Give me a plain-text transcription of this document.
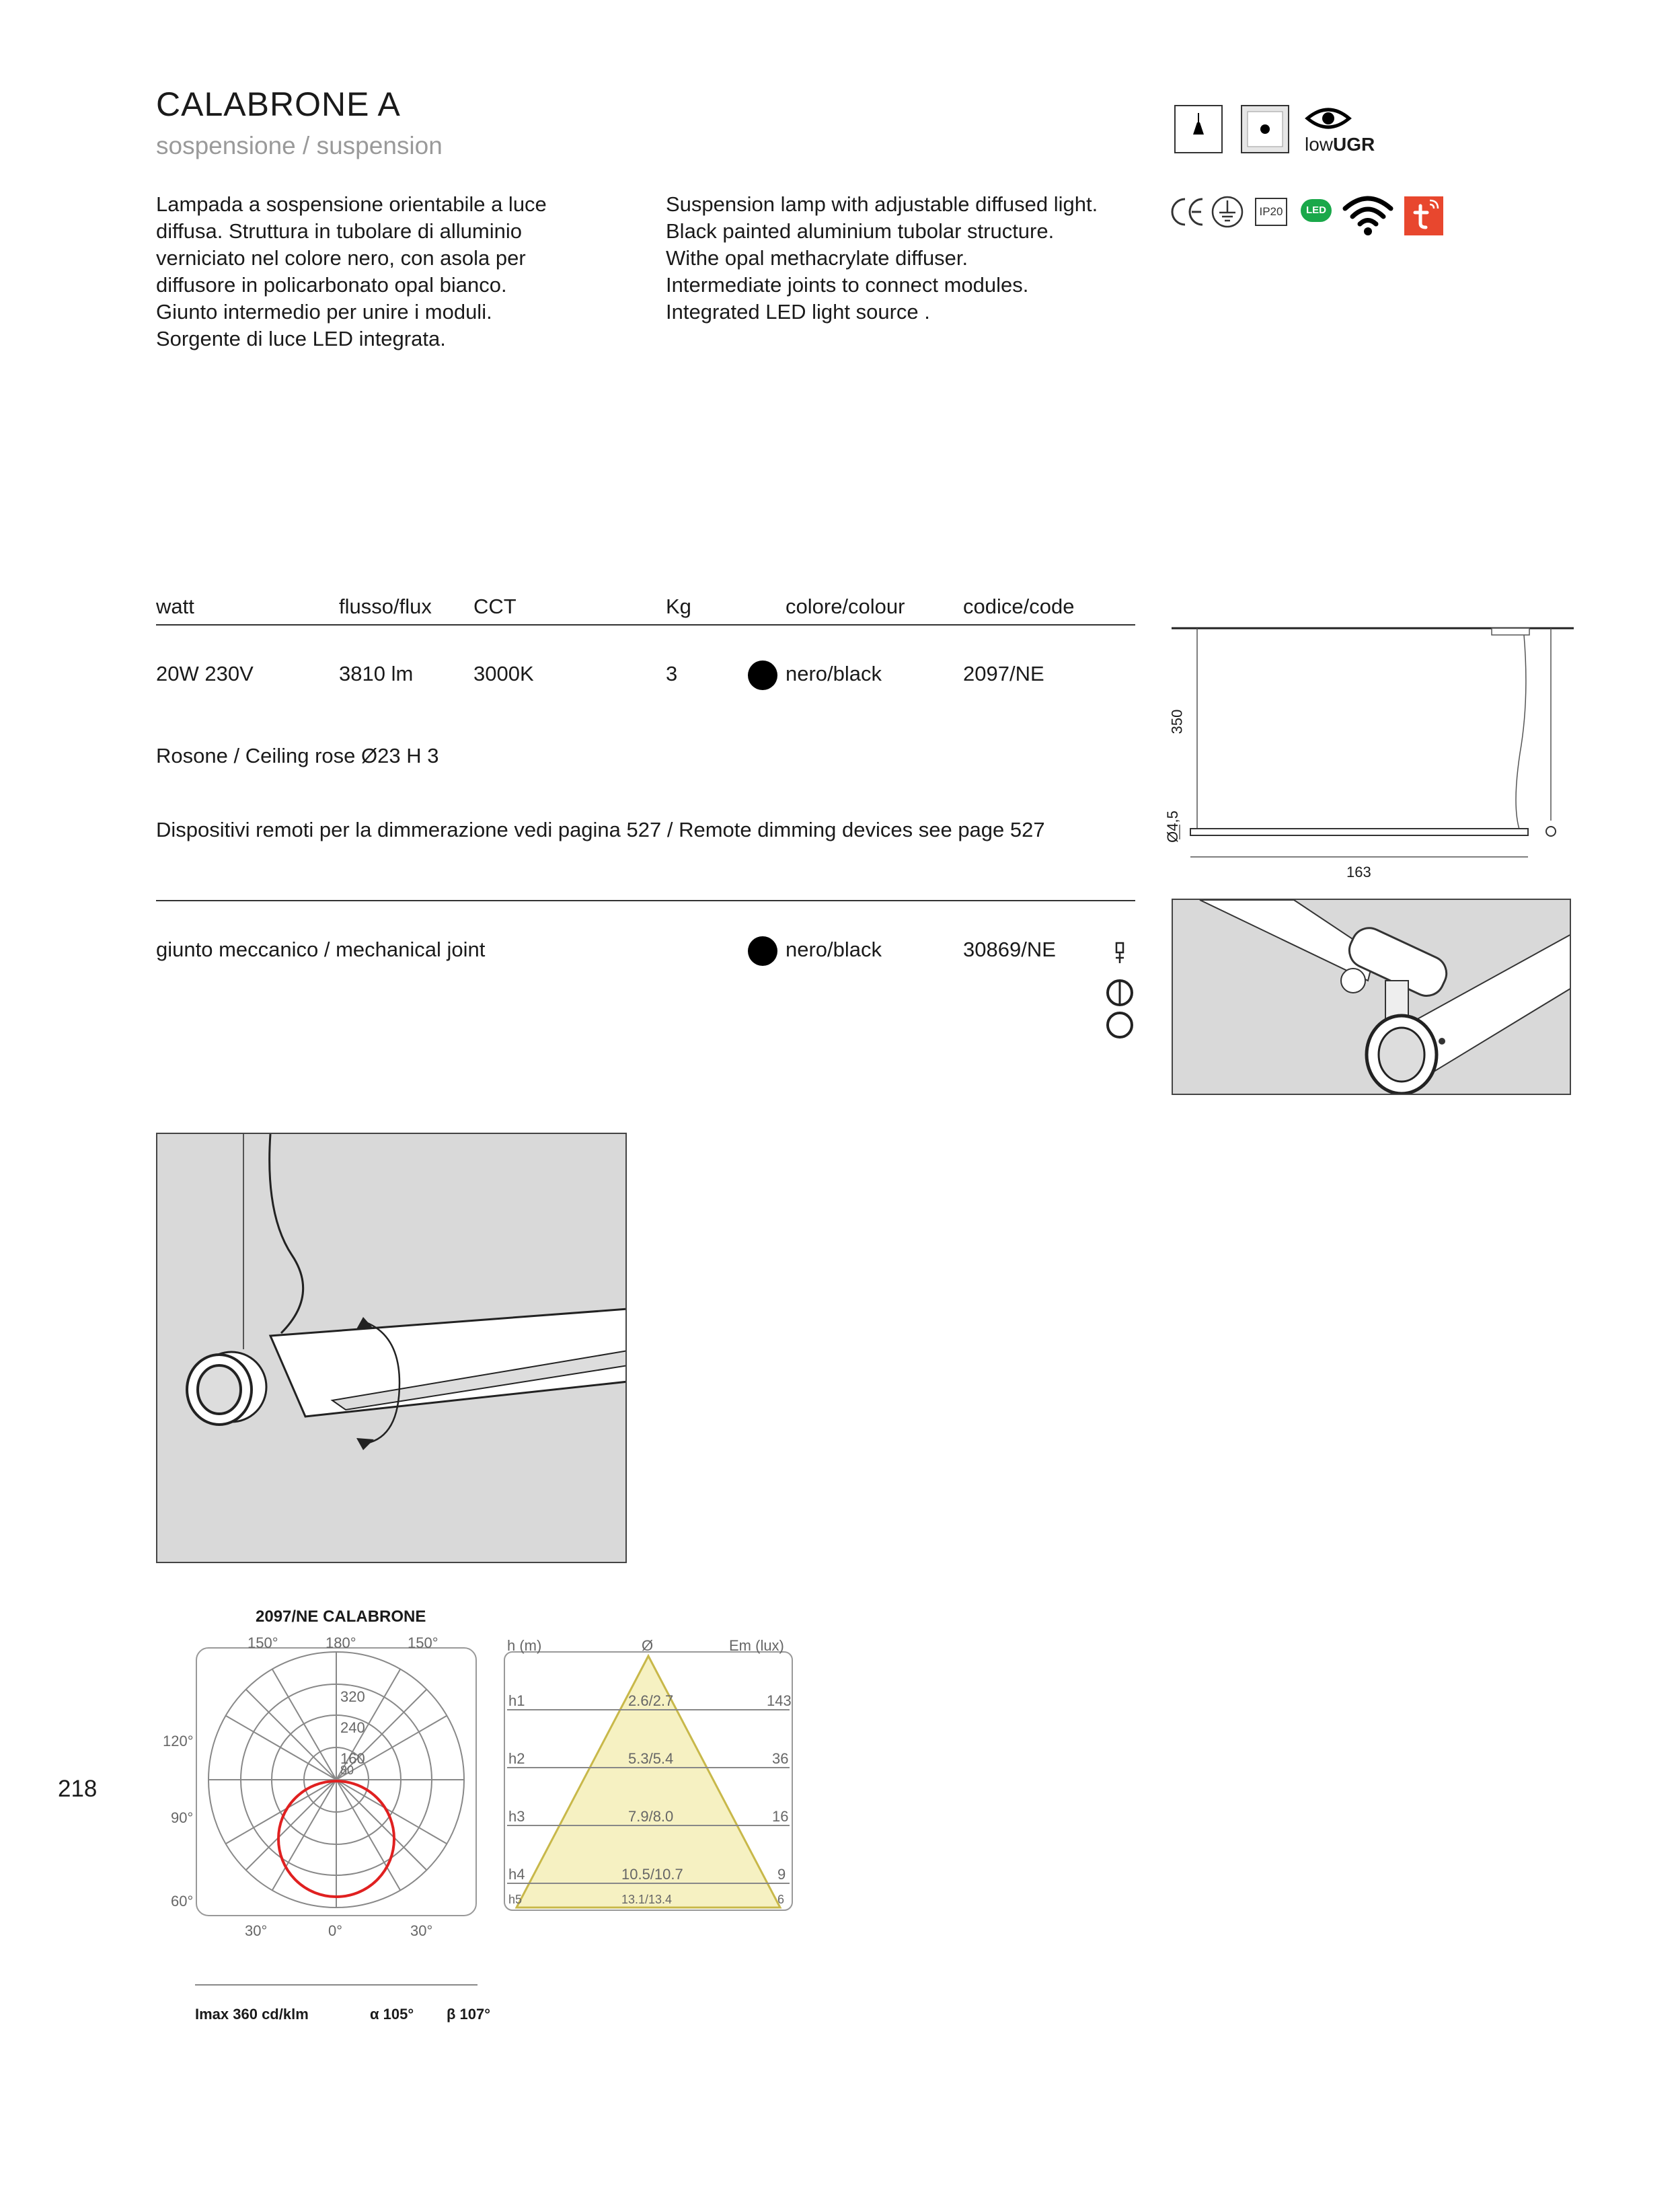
CALABRONE A
sospensione / suspension
Lampada a sospensione orientabile a luce
diffusa. Struttura in tubolare di alluminio
verniciato nel colore nero, con asola per
diffusore in policarbonato opal bianco.
Giunto intermedio per unire i moduli.
Sorgente di luce LED integrata.
Suspension lamp with adjustable diffused light.
Black painted aluminium tubolar structure.
Withe opal methacrylate diffuser.
Intermediate joints to connect modules.
Integrated LED light source .
lowUGR
IP20	LED
watt	flusso/flux CCT	Kg	colore/colour	codice/code
20W 230V	3810 lm	3000K	3	nero/black	2097/NE
Rosone / Ceiling rose Ø23 H 3
Dispositivi remoti per la dimmerazione vedi pagina 527 / Remote dimming devices see page 527
giunto meccanico / mechanical joint	nero/black	30869/NE
350
Ø4,5
163
2097/NE CALABRONE
150°	180°	150°
320
240
160
80
30°	0°	30°
120°
90°
60°
Imax 360 cd/klm	α 105° β 107°
h (m)	Ø	Em (lux)
h1	2.6/2.7	143
h2	5.3/5.4	36
h3	7.9/8.0	16
h4	10.5/10.7	9
h5	13.1/13.4	6
218
